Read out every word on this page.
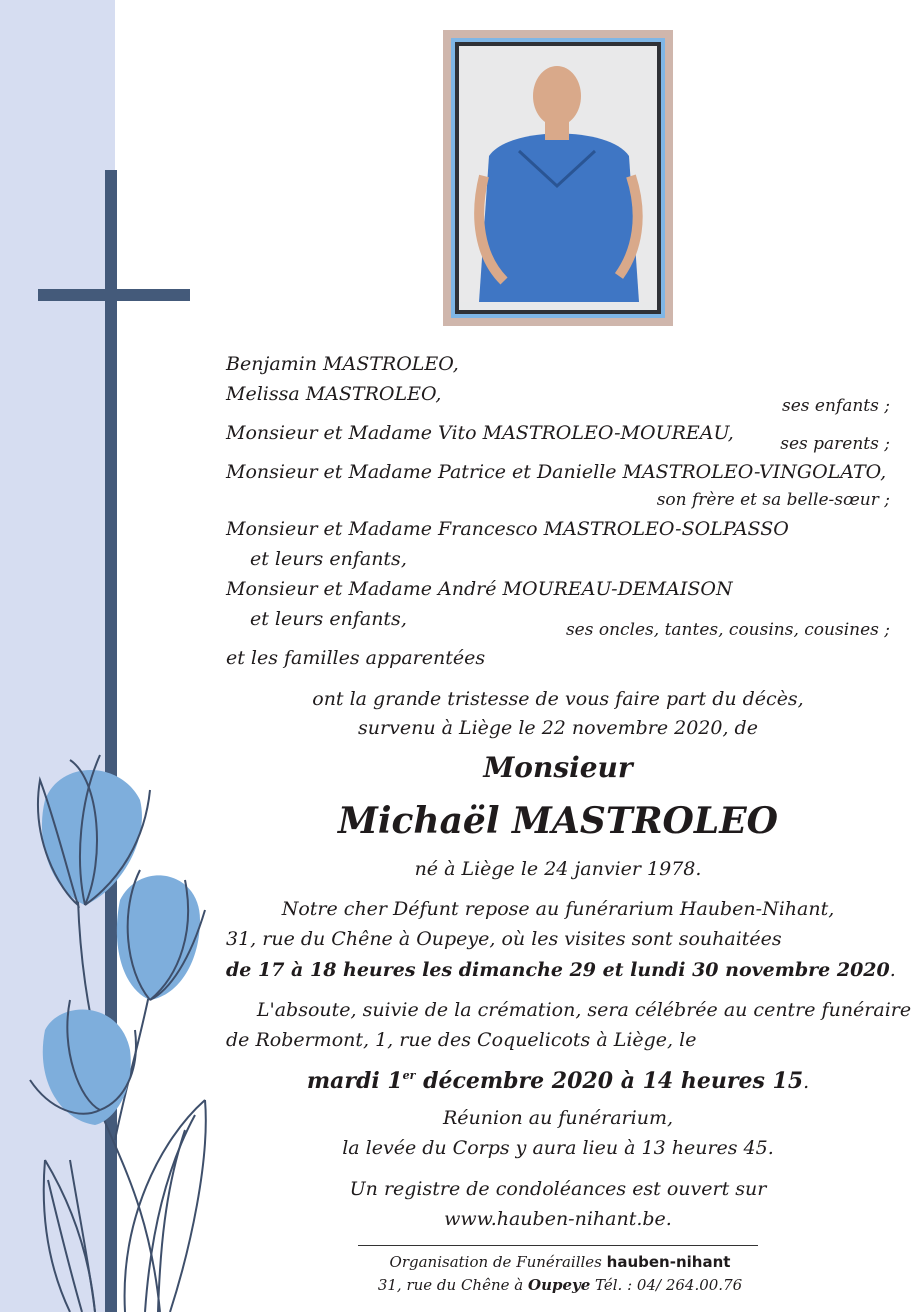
Benjamin MASTROLEO,
Melissa MASTROLEO,
ses enfants ;
Monsieur et Madame Vito MASTROLEO-MOUREAU,	ses parents ;
Monsieur et Madame Patrice et Danielle MASTROLEO-VINGOLATO,
son frère et sa belle-sœur ;
Monsieur et Madame Francesco MASTROLEO-SOLPASSO
et leurs enfants,
Monsieur et Madame André MOUREAU-DEMAISON
et leurs enfants,	ses oncles, tantes, cousins, cousines ;
et les familles apparentées
ont la grande tristesse de vous faire part du décès,
survenu à Liège le 22 novembre 2020, de
Monsieur
Michaël MASTROLEO
né à Liège le 24 janvier 1978.
Notre cher Défunt repose au funérarium Hauben-Nihant,
31, rue du Chêne à Oupeye, où les visites sont souhaitées
de 17 à 18 heures les dimanche 29 et lundi 30 novembre 2020.
L'absoute, suivie de la crémation, sera célébrée au centre funéraire
de Robermont, 1, rue des Coquelicots à Liège, le
mardi 1er décembre 2020 à 14 heures 15.
Réunion au funérarium,
la levée du Corps y aura lieu à 13 heures 45.
Un registre de condoléances est ouvert sur
www.hauben-nihant.be.
Organisation de Funérailles hauben-nihant
31, rue du Chêne à Oupeye Tél. : 04/ 264.00.76
